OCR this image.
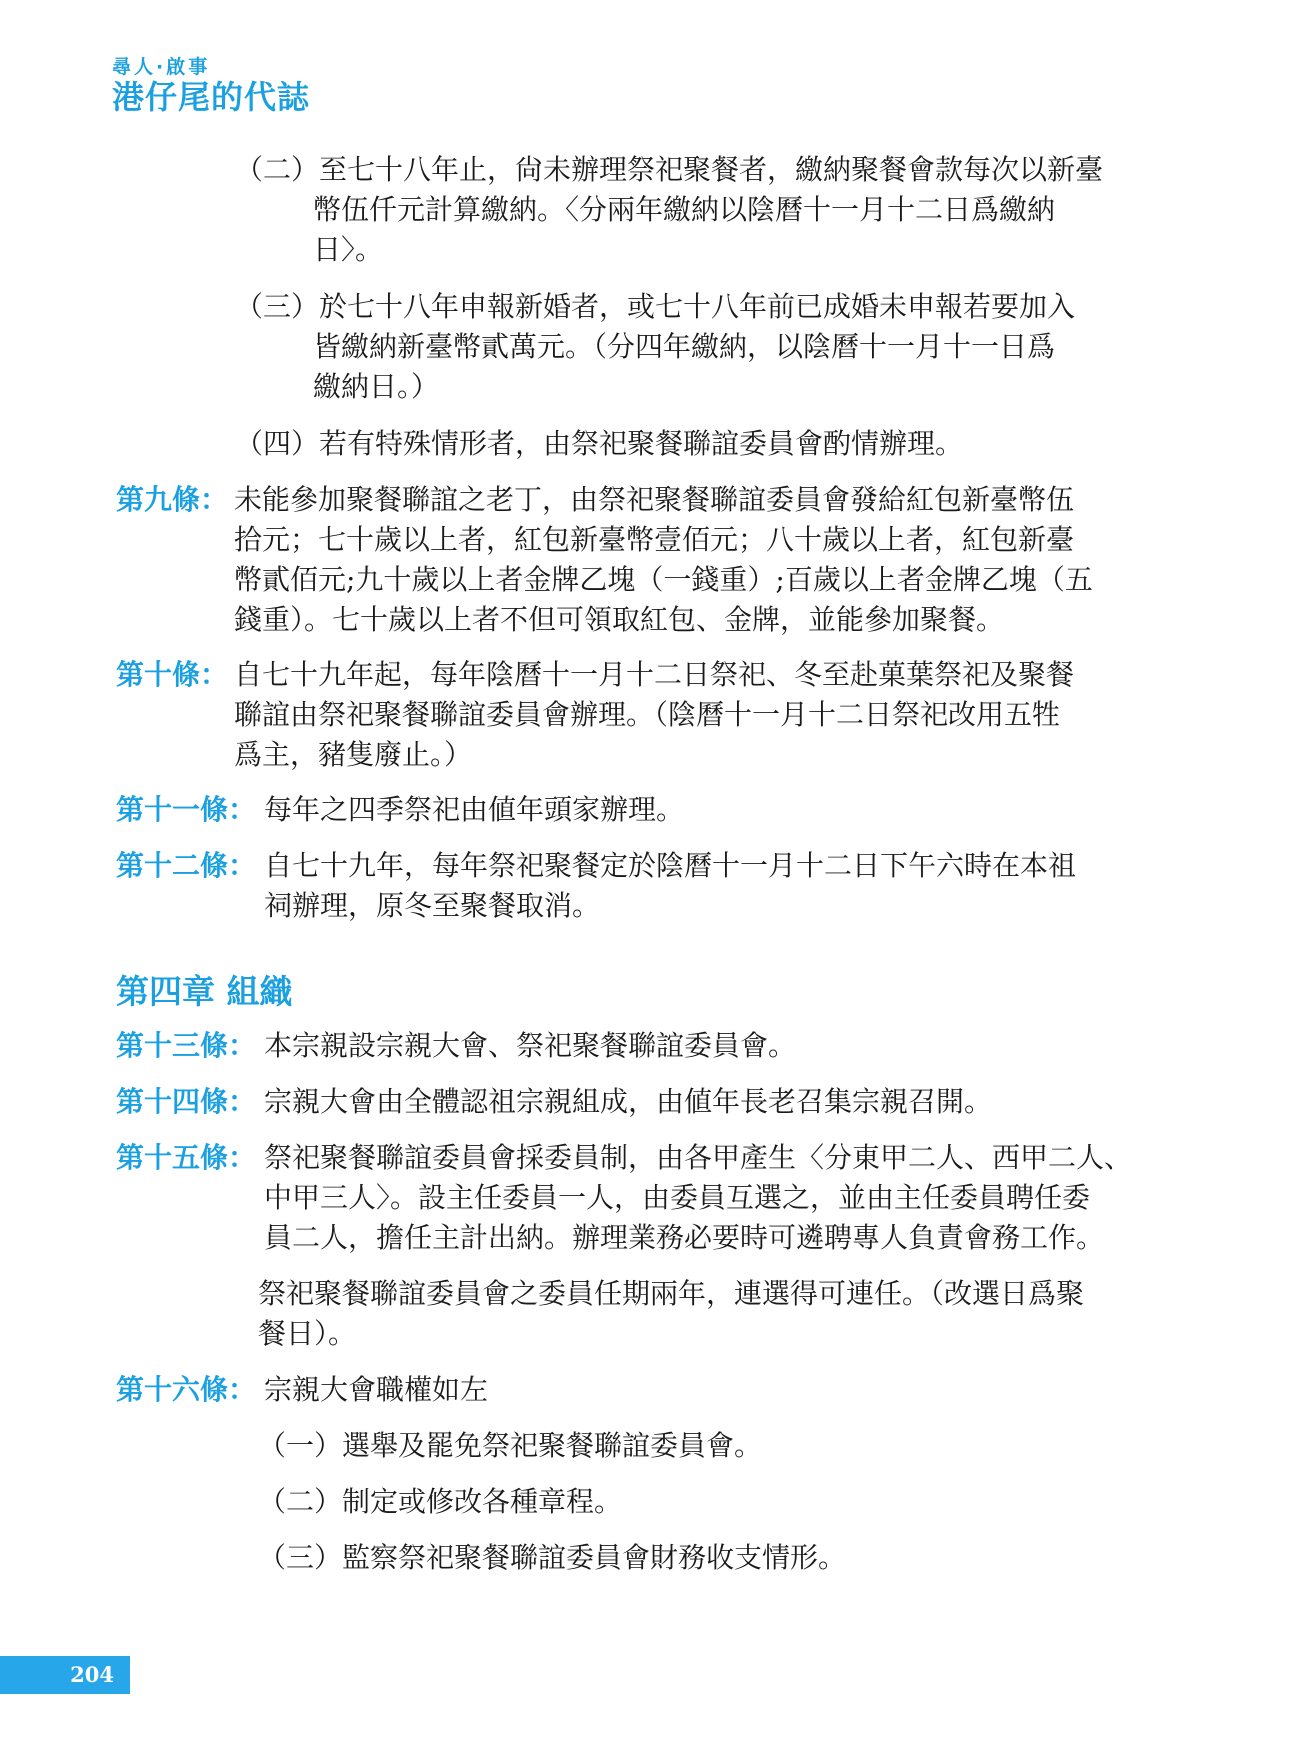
尋人·啟事
港仔尾的代誌
（二）至七十八年止，尙未辦理祭祀聚餐者，繳納聚餐會款每次以新臺
幣伍仟元計算繳納。〈分兩年繳納以陰曆十一月十二日爲繳納
日〉。
（三）於七十八年申報新婚者，或七十八年前已成婚未申報若要加入
皆繳納新臺幣貳萬元。（分四年繳納，以陰曆十一月十一日爲
繳納日。）
（四）若有特殊情形者，由祭祀聚餐聯誼委員會酌情辦理。
第九條： 未能參加聚餐聯誼之老丁，由祭祀聚餐聯誼委員會發給紅包新臺幣伍
拾元；七十歲以上者，紅包新臺幣壹佰元；八十歲以上者，紅包新臺
幣貳佰元;九十歲以上者金牌乙塊（一錢重）;百歲以上者金牌乙塊（五
錢重）。七十歲以上者不但可領取紅包、金牌，並能參加聚餐。
第十條： 自七十九年起，每年陰曆十一月十二日祭祀、冬至赴菓葉祭祀及聚餐
聯誼由祭祀聚餐聯誼委員會辦理。（陰曆十一月十二日祭祀改用五牲
爲主，豬隻廢止。）
第十一條： 每年之四季祭祀由値年頭家辦理。
第十二條： 自七十九年，每年祭祀聚餐定於陰曆十一月十二日下午六時在本祖
祠辦理，原冬至聚餐取消。
第四章 組織
第十三條： 本宗親設宗親大會、祭祀聚餐聯誼委員會。
第十四條： 宗親大會由全體認祖宗親組成，由値年長老召集宗親召開。
第十五條： 祭祀聚餐聯誼委員會採委員制，由各甲產生〈分東甲二人、西甲二人、
中甲三人〉。設主任委員一人，由委員互選之，並由主任委員聘任委
員二人，擔任主計出納。辦理業務必要時可遴聘專人負責會務工作。
祭祀聚餐聯誼委員會之委員任期兩年，連選得可連任。（改選日爲聚
餐日）。
第十六條： 宗親大會職權如左
（一）選舉及罷免祭祀聚餐聯誼委員會。
（二）制定或修改各種章程。
（三）監察祭祀聚餐聯誼委員會財務收支情形。
204
